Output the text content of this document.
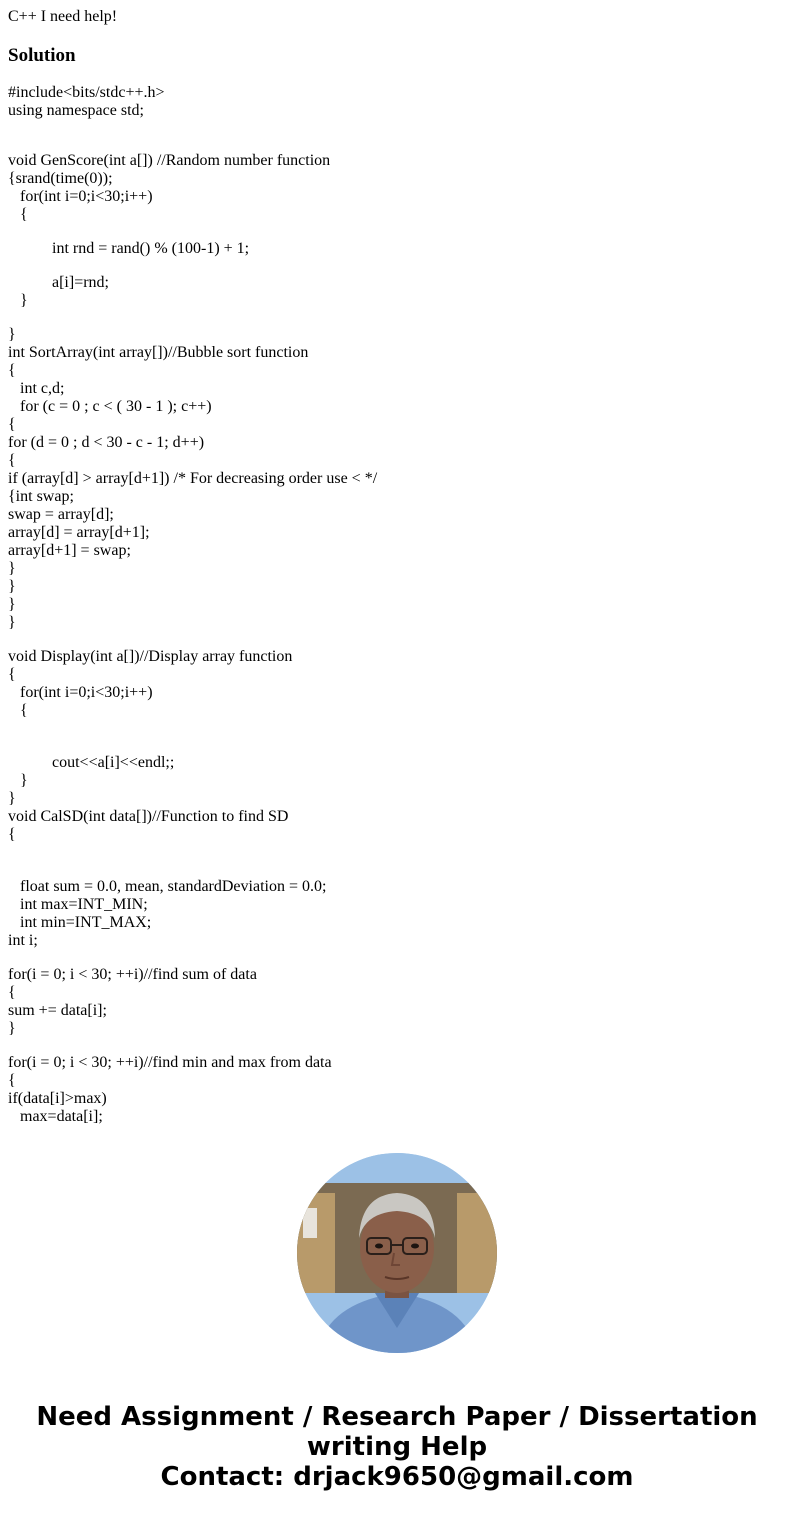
C++ I need help!

Solution
#include<bits/stdc++.h>
using namespace std;
void GenScore(int a[]) //Random number function
{srand(time(0));
for(int i=0;i<30;i++)
{
int rnd = rand() % (100-1) + 1;
a[i]=rnd;
}
}
int SortArray(int array[])//Bubble sort function
{
int c,d;
for (c = 0 ; c < ( 30 - 1 ); c++)
{
for (d = 0 ; d < 30 - c - 1; d++)
{
if (array[d] > array[d+1]) /* For decreasing order use < */
{int swap;
swap = array[d];
array[d] = array[d+1];
array[d+1] = swap;
}
}
}
}
void Display(int a[])//Display array function
{
for(int i=0;i<30;i++)
{
cout<<a[i]<<endl;;
}
}
void CalSD(int data[])//Function to find SD
{
float sum = 0.0, mean, standardDeviation = 0.0;
int max=INT_MIN;
int min=INT_MAX;
int i;
for(i = 0; i < 30; ++i)//find sum of data
{
sum += data[i];
}
for(i = 0; i < 30; ++i)//find min and max from data
{
if(data[i]>max)
max=data[i];
Need Assignment / Research Paper / Dissertation
writing Help
Contact: drjack9650@gmail.com
